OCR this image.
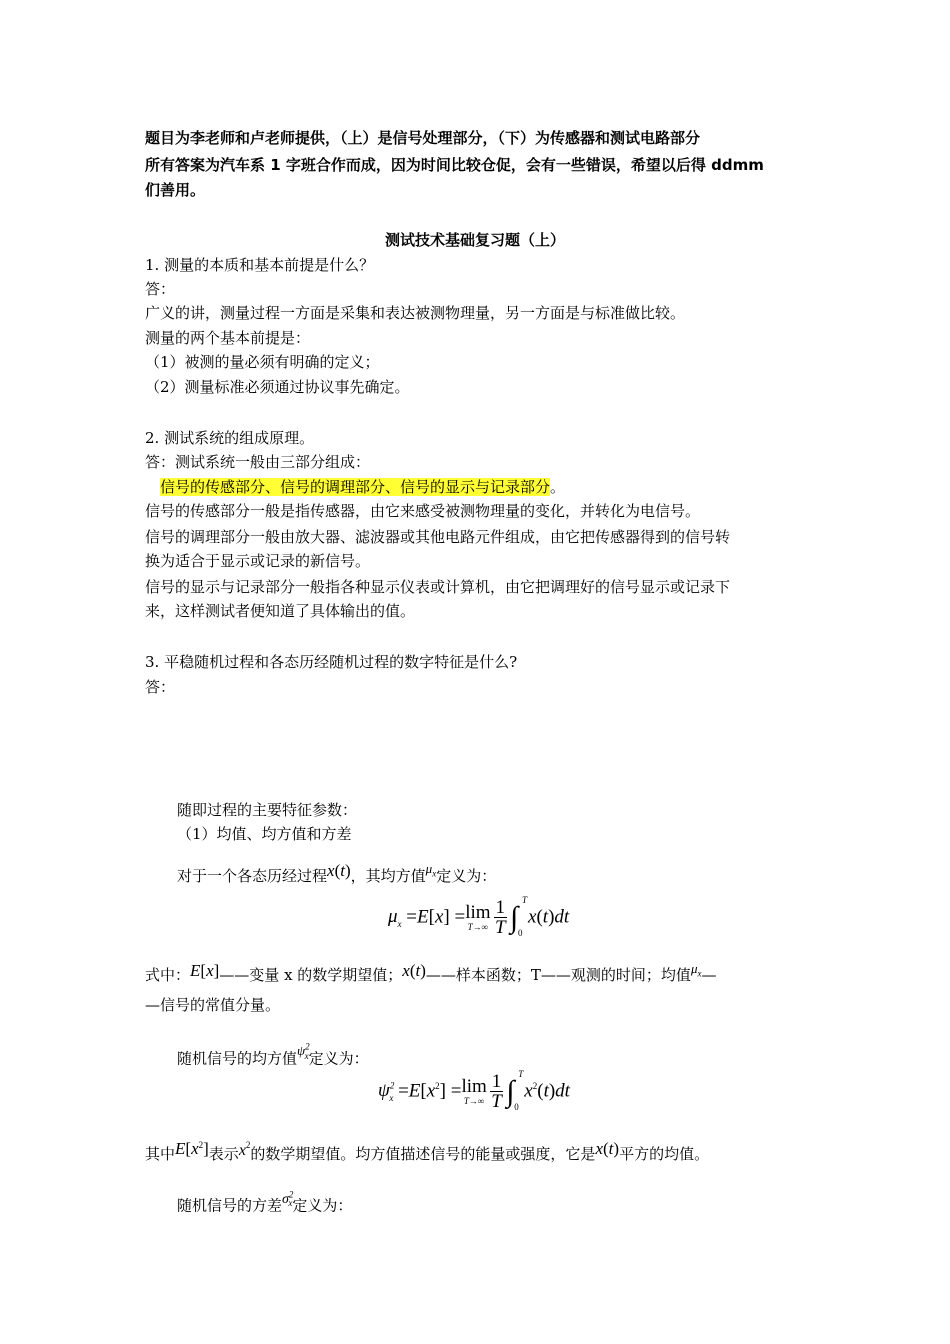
题目为李老师和卢老师提供，（上）是信号处理部分，（下）为传感器和测试电路部分
所有答案为汽车系 1 字班合作而成，因为时间比较仓促，会有一些错误，希望以后得 ddmm
们善用。
测试技术基础复习题（上）
1. 测量的本质和基本前提是什么？
答：
广义的讲，测量过程一方面是采集和表达被测物理量，另一方面是与标准做比较。
测量的两个基本前提是：
（1）被测的量必须有明确的定义；
（2）测量标准必须通过协议事先确定。
2. 测试系统的组成原理。
答：测试系统一般由三部分组成：
信号的传感部分、信号的调理部分、信号的显示与记录部分。
信号的传感部分一般是指传感器，由它来感受被测物理量的变化，并转化为电信号。
信号的调理部分一般由放大器、滤波器或其他电路元件组成，由它把传感器得到的信号转
换为适合于显示或记录的新信号。
信号的显示与记录部分一般指各种显示仪表或计算机，由它把调理好的信号显示或记录下
来，这样测试者便知道了具体输出的值。
3. 平稳随机过程和各态历经随机过程的数字特征是什么?
答：
随即过程的主要特征参数：
（1）均值、均方值和方差
对于一个各态历经过程x(t)，其均方值$\mu_x$定义为：
$\mu_x =E[x] = \lim$
$T\to\infty \frac{1}{T}$ ∫
T
0
x(t)dt
式中：E[x]——变量 x 的数学期望值；x(t)——样本函数；T——观测的时间；均值$\mu_x—$
—信号的常值分量。
随机信号的均方值$\psi^2_x$定义为：
$\psi^2_x =E[x^2] = \lim$
$T\to\infty \frac{1}{T}$ ∫
T
0
$x^2(t)dt$
其中$E[x^2]$表示$x^2$的数学期望值。均方值描述信号的能量或强度，它是x(t)平方的均值。
随机信号的方差$\sigma^2_x$定义为：
